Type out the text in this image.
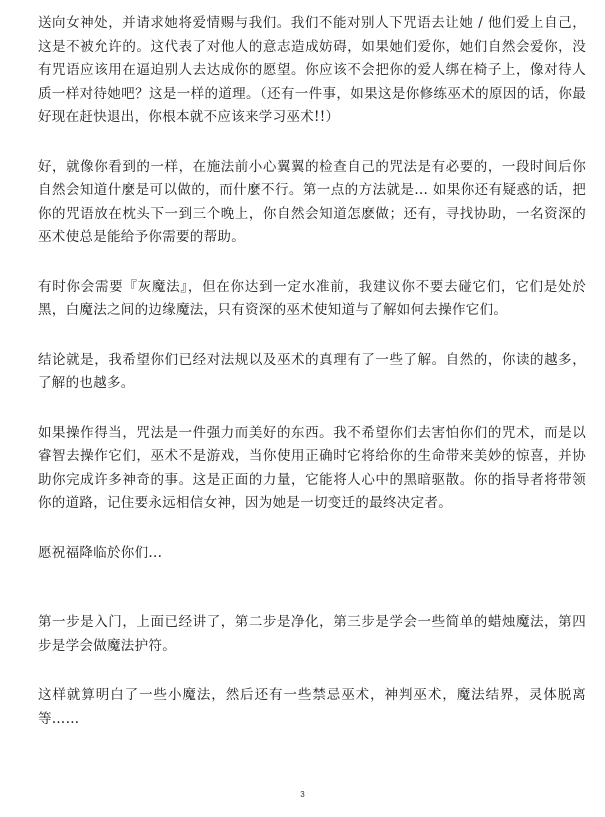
送向女神处，并请求她将爱情赐与我们。我们不能对别人下咒语去让她 / 他们爱上自己，这是不被允许的。这代表了对他人的意志造成妨碍，如果她们爱你，她们自然会爱你，没有咒语应该用在逼迫别人去达成你的愿望。你应该不会把你的爱人绑在椅子上，像对待人质一样对待她吧？这是一样的道理。（还有一件事，如果这是你修练巫术的原因的话，你最好现在赶快退出，你根本就不应该来学习巫术!!）

好，就像你看到的一样，在施法前小心翼翼的检查自己的咒法是有必要的，一段时间后你自然会知道什麼是可以做的，而什麼不行。第一点的方法就是... 如果你还有疑惑的话，把你的咒语放在枕头下一到三个晚上，你自然会知道怎麽做；还有，寻找协助，一名资深的巫术使总是能给予你需要的帮助。

有时你会需要『灰魔法』，但在你达到一定水准前，我建议你不要去碰它们，它们是处於黑，白魔法之间的边缘魔法，只有资深的巫术使知道与了解如何去操作它们。

结论就是，我希望你们已经对法规以及巫术的真理有了一些了解。自然的，你读的越多，了解的也越多。

如果操作得当，咒法是一件强力而美好的东西。我不希望你们去害怕你们的咒术，而是以睿智去操作它们，巫术不是游戏，当你使用正确时它将给你的生命带来美妙的惊喜，并协助你完成许多神奇的事。这是正面的力量，它能将人心中的黑暗驱散。你的指导者将带领你的道路，记住要永远相信女神，因为她是一切变迁的最终决定者。

愿祝福降临於你们...

第一步是入门，上面已经讲了，第二步是净化，第三步是学会一些简单的蜡烛魔法，第四步是学会做魔法护符。

这样就算明白了一些小魔法，然后还有一些禁忌巫术，神判巫术，魔法结界，灵体脱离等……

3
